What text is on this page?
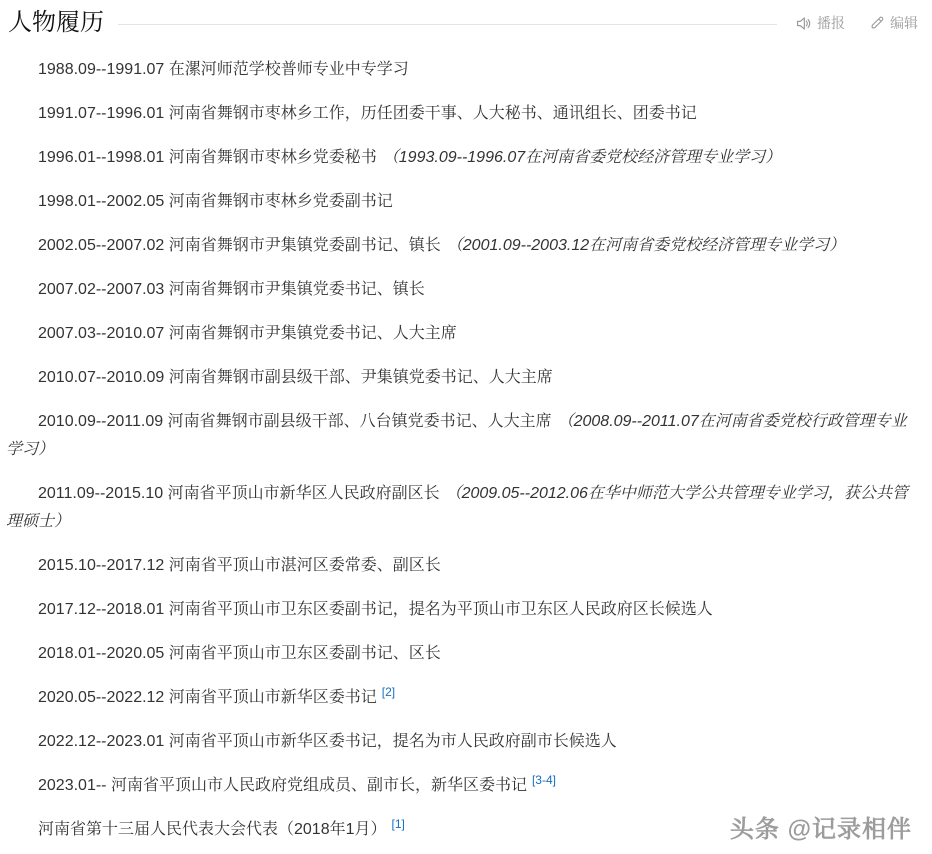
人物履历	播报	编辑

1988.09--1991.07 在漯河师范学校普师专业中专学习

1991.07--1996.01 河南省舞钢市枣林乡工作，历任团委干事、人大秘书、通讯组长、团委书记

1996.01--1998.01 河南省舞钢市枣林乡党委秘书 （1993.09--1996.07在河南省委党校经济管理专业学习）

1998.01--2002.05 河南省舞钢市枣林乡党委副书记

2002.05--2007.02 河南省舞钢市尹集镇党委副书记、镇长 （2001.09--2003.12在河南省委党校经济管理专业学习）

2007.02--2007.03 河南省舞钢市尹集镇党委书记、镇长

2007.03--2010.07 河南省舞钢市尹集镇党委书记、人大主席

2010.07--2010.09 河南省舞钢市副县级干部、尹集镇党委书记、人大主席

2010.09--2011.09 河南省舞钢市副县级干部、八台镇党委书记、人大主席 （2008.09--2011.07在河南省委党校行政管理专业学习）

2011.09--2015.10 河南省平顶山市新华区人民政府副区长 （2009.05--2012.06在华中师范大学公共管理专业学习，获公共管理硕士）

2015.10--2017.12 河南省平顶山市湛河区委常委、副区长

2017.12--2018.01 河南省平顶山市卫东区委副书记，提名为平顶山市卫东区人民政府区长候选人

2018.01--2020.05 河南省平顶山市卫东区委副书记、区长

2020.05--2022.12 河南省平顶山市新华区委书记 [2]

2022.12--2023.01 河南省平顶山市新华区委书记，提名为市人民政府副市长候选人

2023.01-- 河南省平顶山市人民政府党组成员、副市长，新华区委书记 [3-4]

河南省第十三届人民代表大会代表（2018年1月） [1]	头条 @记录相伴
